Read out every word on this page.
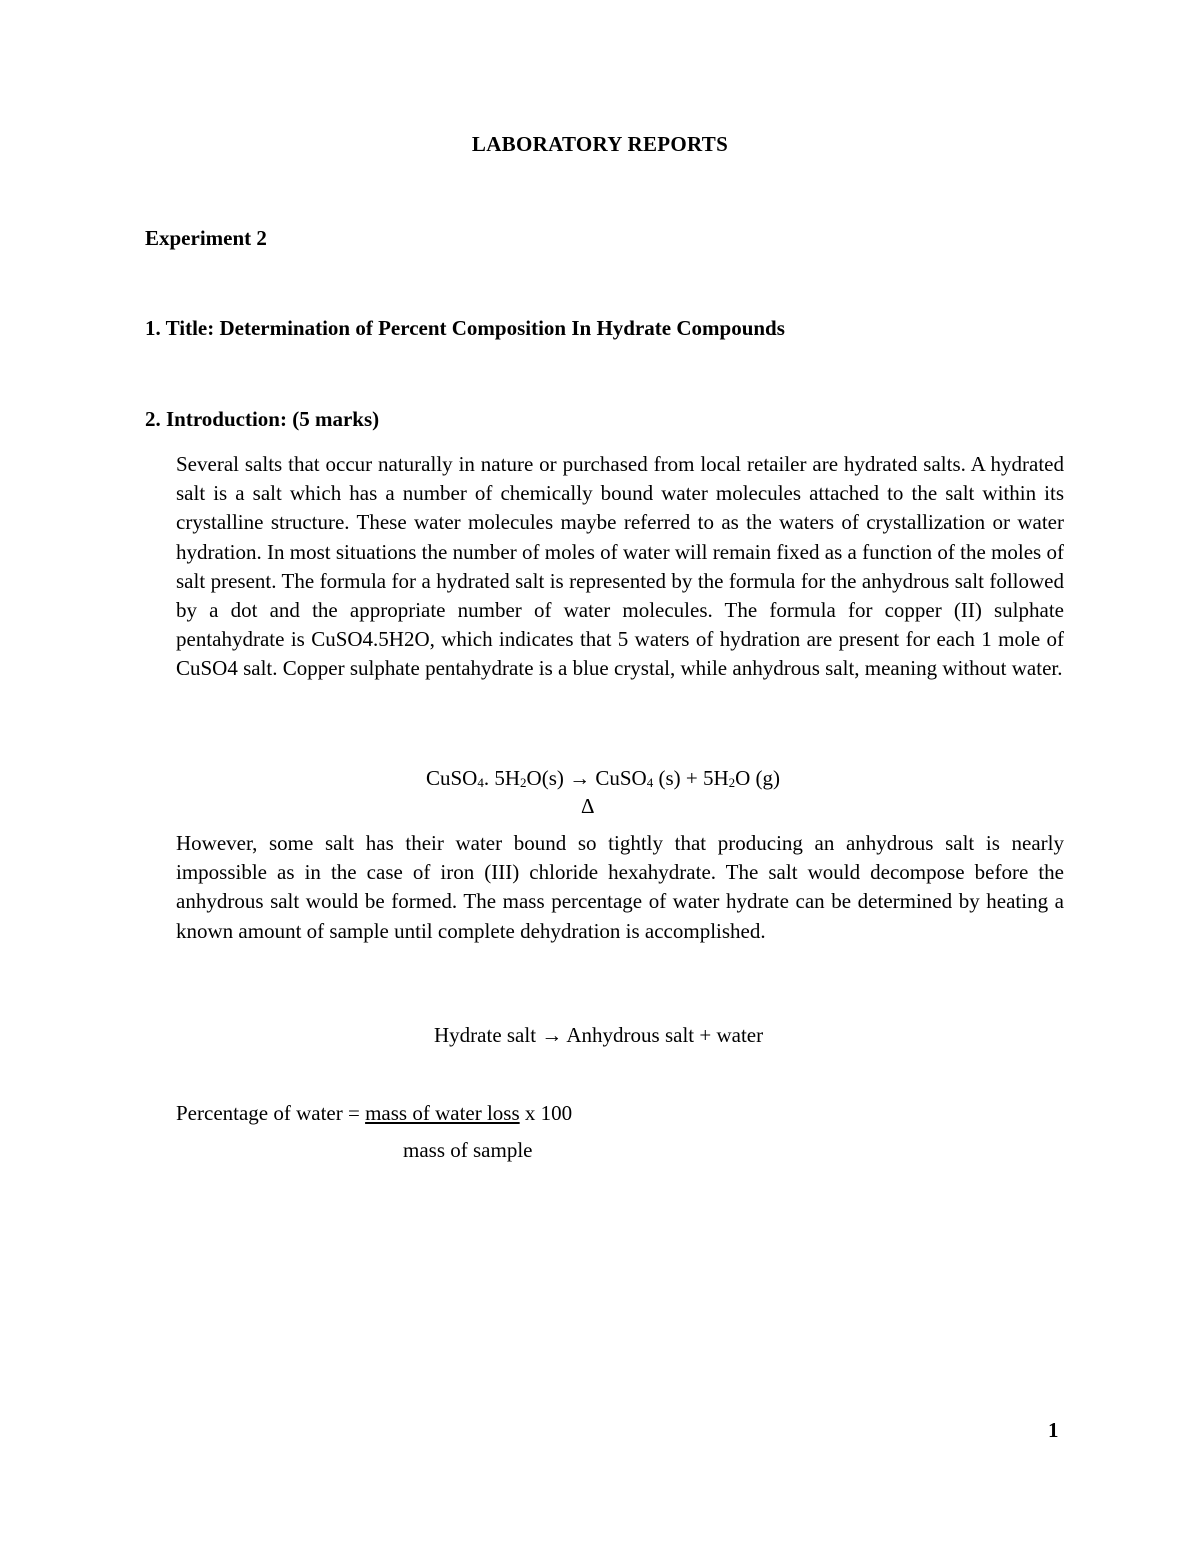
LABORATORY REPORTS
Experiment 2
1. Title: Determination of Percent Composition In Hydrate Compounds
2. Introduction: (5 marks)
Several salts that occur naturally in nature or purchased from local retailer are hydrated salts. A hydrated salt is a salt which has a number of chemically bound water molecules attached to the salt within its crystalline structure. These water molecules maybe referred to as the waters of crystallization or water hydration. In most situations the number of moles of water will remain fixed as a function of the moles of salt present. The formula for a hydrated salt is represented by the formula for the anhydrous salt followed by a dot and the appropriate number of water molecules. The formula for copper (II) sulphate pentahydrate is CuSO4.5H2O, which indicates that 5 waters of hydration are present for each 1 mole of CuSO4 salt. Copper sulphate pentahydrate is a blue crystal, while anhydrous salt, meaning without water.
CuSO$_4$. $5H_2O(s)$ → CuSO$_4$ $(s) + 5H_2O$ (g)
Δ
However, some salt has their water bound so tightly that producing an anhydrous salt is nearly impossible as in the case of iron (III) chloride hexahydrate. The salt would decompose before the anhydrous salt would be formed. The mass percentage of water hydrate can be determined by heating a known amount of sample until complete dehydration is accomplished.
Hydrate salt → Anhydrous salt + water
Percentage of water = mass of water loss x 100
mass of sample
1
